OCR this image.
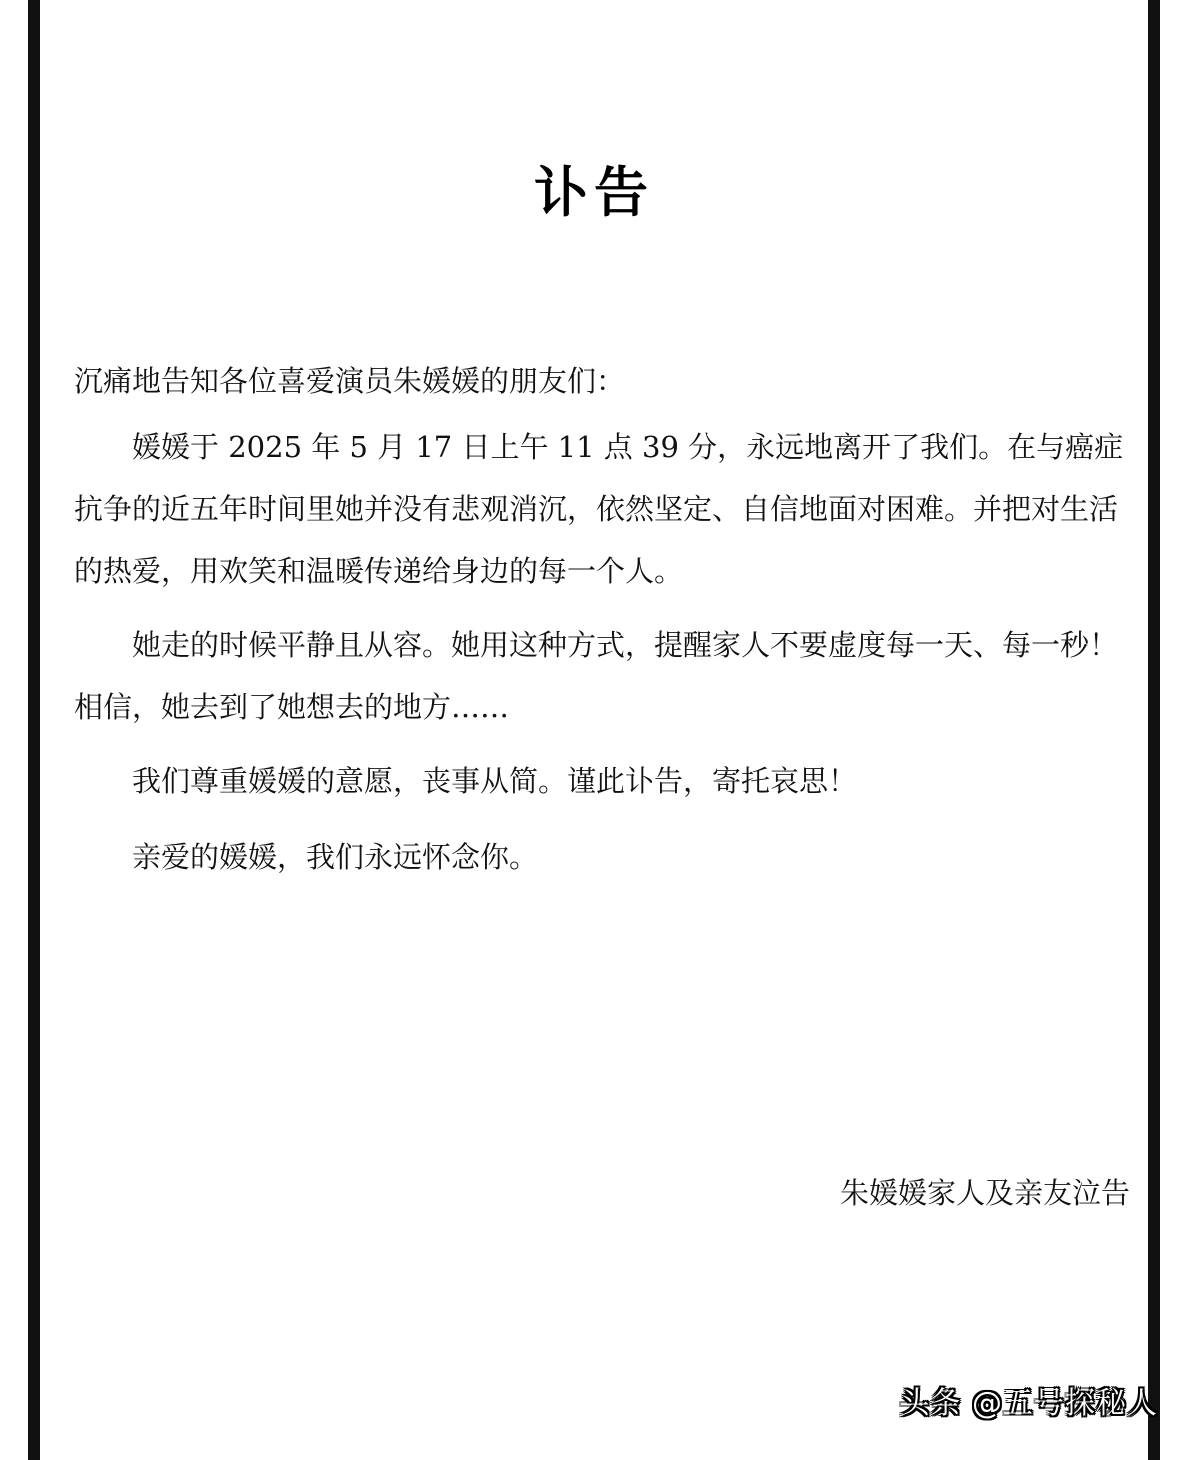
讣告

沉痛地告知各位喜爱演员朱媛媛的朋友们：

媛媛于 2025 年 5 月 17 日上午 11 点 39 分，永远地离开了我们。在与癌症抗争的近五年时间里她并没有悲观消沉，依然坚定、自信地面对困难。并把对生活的热爱，用欢笑和温暖传递给身边的每一个人。

她走的时候平静且从容。她用这种方式，提醒家人不要虚度每一天、每一秒！相信，她去到了她想去的地方……

我们尊重媛媛的意愿，丧事从简。谨此讣告，寄托哀思！

亲爱的媛媛，我们永远怀念你。

朱媛媛家人及亲友泣告

头条 @五号探秘人
